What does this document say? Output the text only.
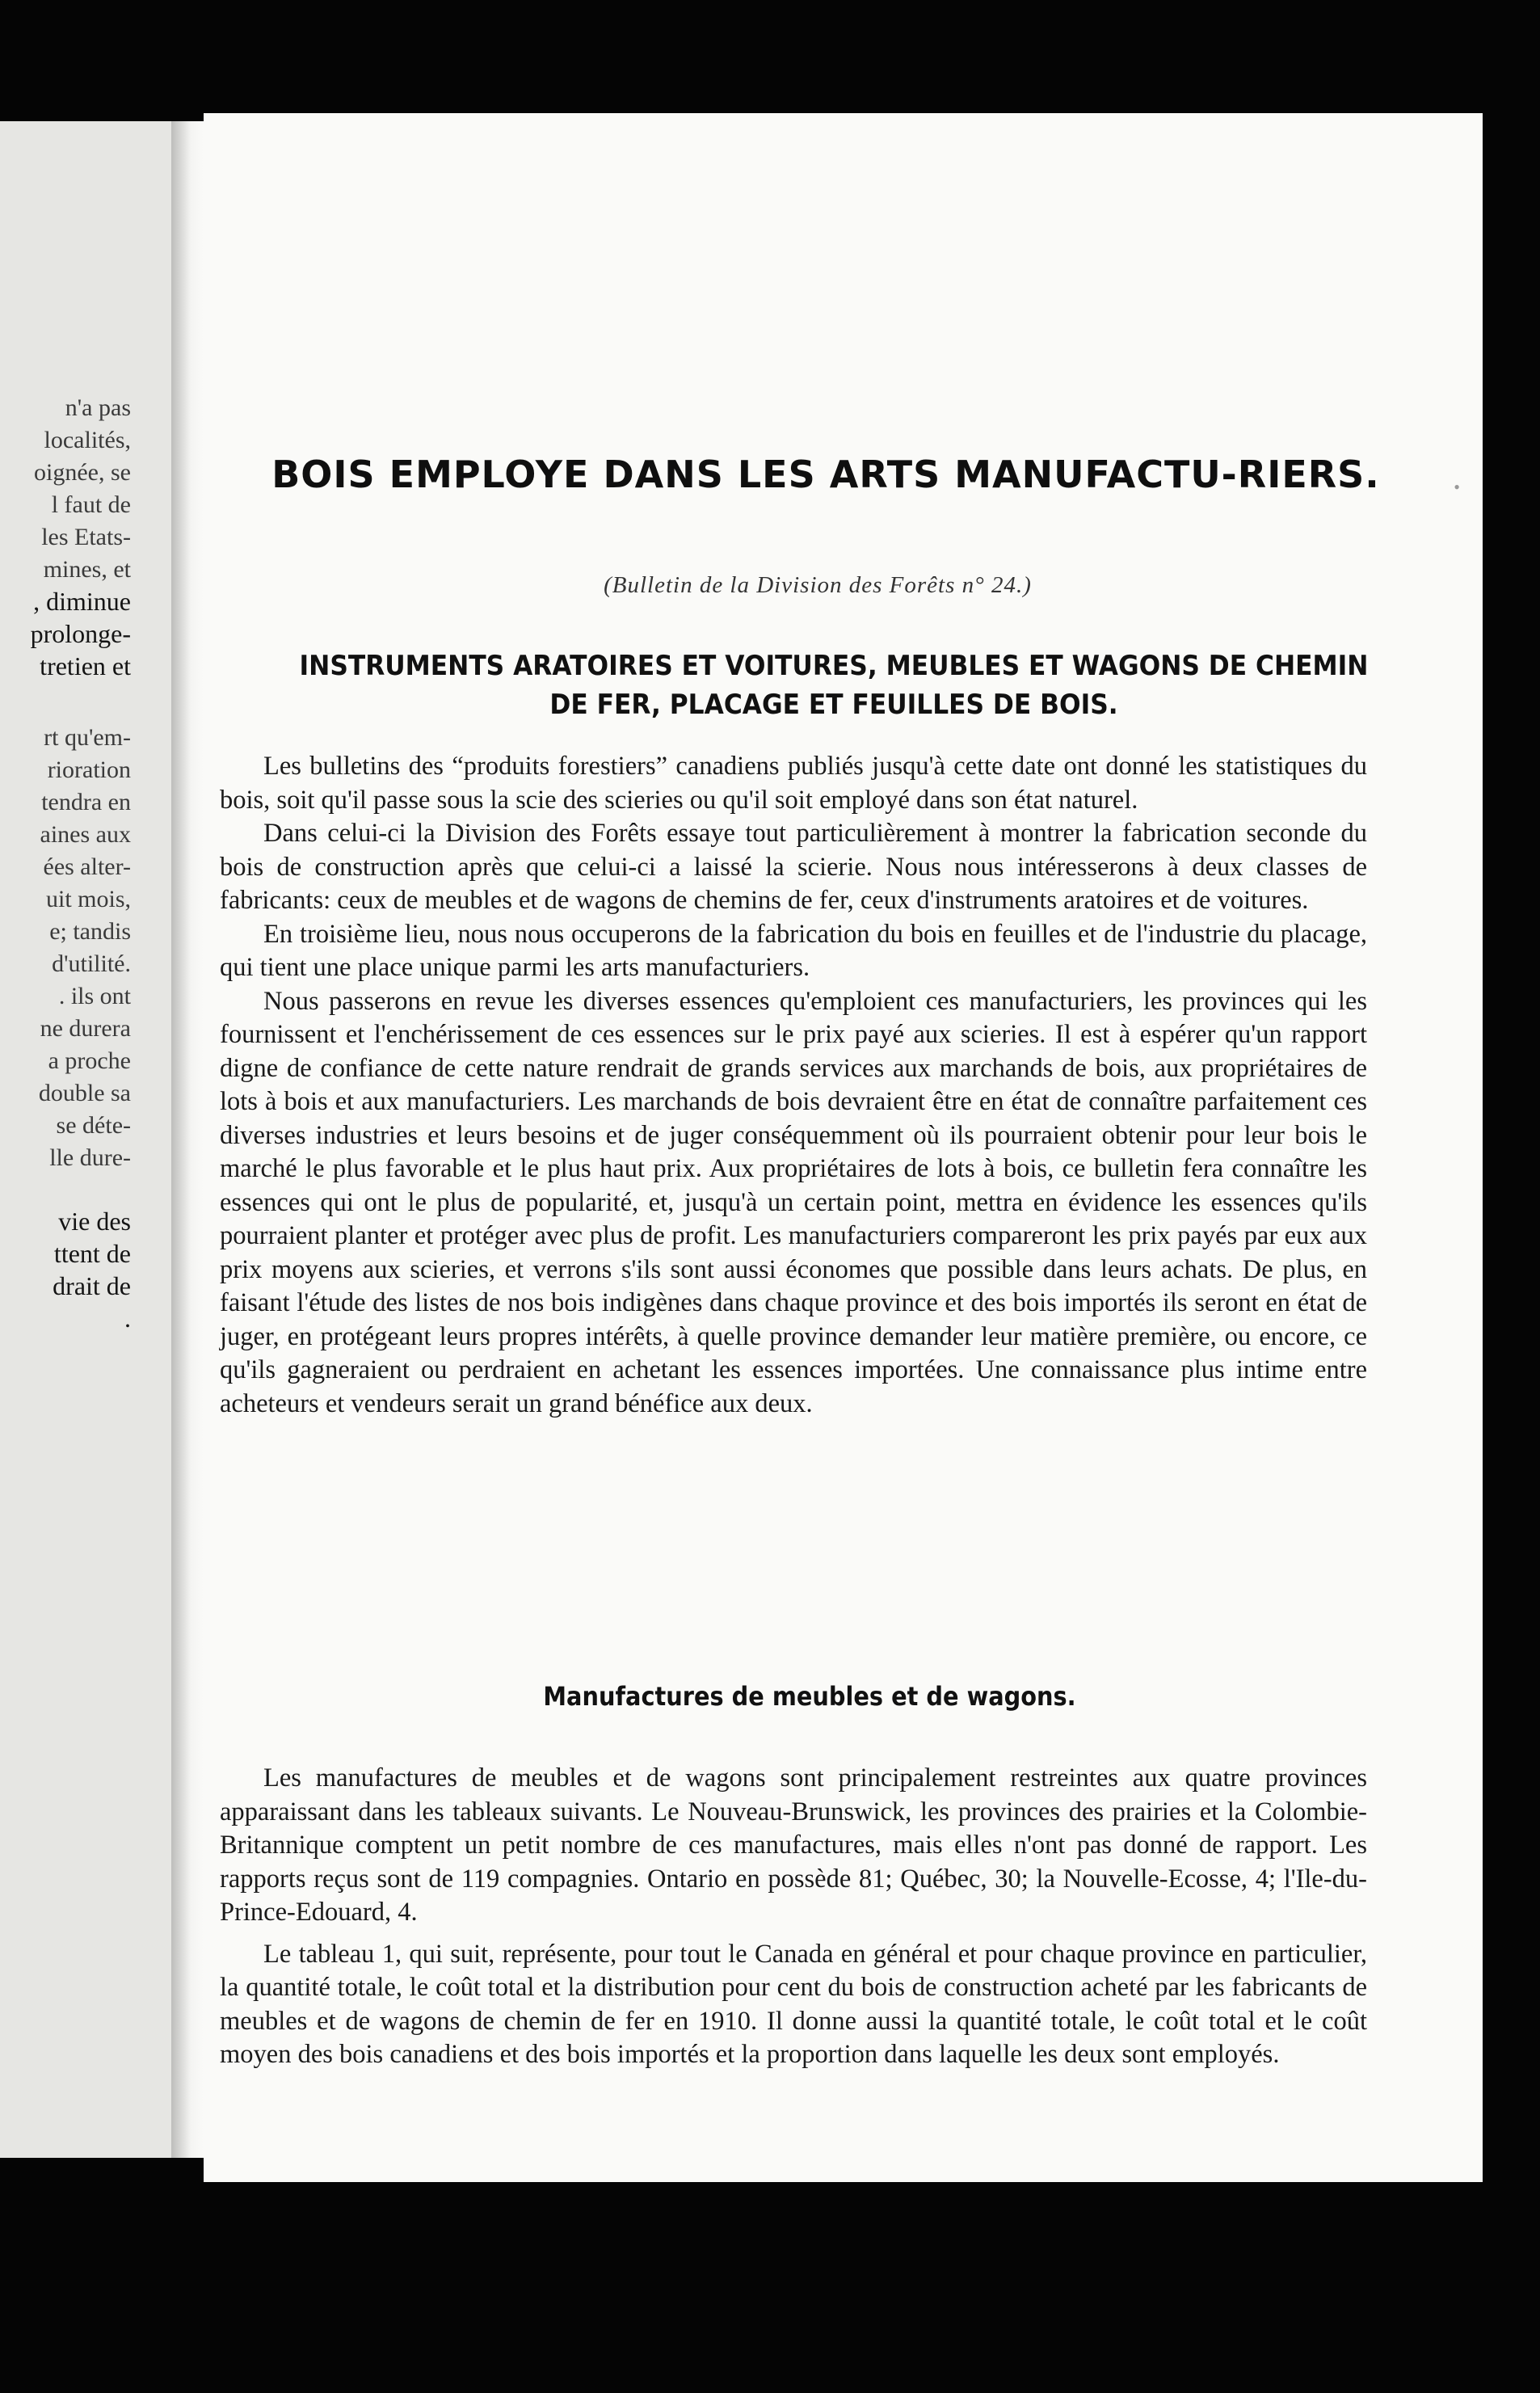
n'a pas
localités,
oignée, se
l faut de
les Etats-
mines, et
, diminue
prolonge-
tretien et
rt qu'em-
rioration
tendra en
aines aux
ées alter-
uit mois,
e; tandis
d'utilité.
. ils ont
ne durera
a proche
double sa
se déte-
lle dure-
vie des
ttent de
drait de
.
•
BOIS EMPLOYE DANS LES ARTS MANUFACTU-RIERS.
(Bulletin de la Division des Forêts n° 24.)
INSTRUMENTS ARATOIRES ET VOITURES, MEUBLES ET WAGONS DE CHEMIN DE FER, PLACAGE ET FEUILLES DE BOIS.

Les bulletins des “produits forestiers” canadiens publiés jusqu'à cette date ont donné les statistiques du bois, soit qu'il passe sous la scie des scieries ou qu'il soit employé dans son état naturel.

Dans celui-ci la Division des Forêts essaye tout particulièrement à montrer la fabrication seconde du bois de construction après que celui-ci a laissé la scierie. Nous nous intéresserons à deux classes de fabricants: ceux de meubles et de wagons de chemins de fer, ceux d'instruments aratoires et de voitures.

En troisième lieu, nous nous occuperons de la fabrication du bois en feuilles et de l'industrie du placage, qui tient une place unique parmi les arts manufacturiers.

Nous passerons en revue les diverses essences qu'emploient ces manufacturiers, les provinces qui les fournissent et l'enchérissement de ces essences sur le prix payé aux scieries. Il est à espérer qu'un rapport digne de confiance de cette nature rendrait de grands services aux marchands de bois, aux propriétaires de lots à bois et aux manufacturiers. Les marchands de bois devraient être en état de connaître parfaitement ces diverses industries et leurs besoins et de juger conséquemment où ils pourraient obtenir pour leur bois le marché le plus favorable et le plus haut prix. Aux propriétaires de lots à bois, ce bulletin fera connaître les essences qui ont le plus de popularité, et, jusqu'à un certain point, mettra en évidence les essences qu'ils pourraient planter et protéger avec plus de profit. Les manufacturiers compareront les prix payés par eux aux prix moyens aux scieries, et verrons s'ils sont aussi économes que possible dans leurs achats. De plus, en faisant l'étude des listes de nos bois indigènes dans chaque province et des bois importés ils seront en état de juger, en protégeant leurs propres intérêts, à quelle province demander leur matière première, ou encore, ce qu'ils gagneraient ou perdraient en achetant les essences importées. Une connaissance plus intime entre acheteurs et vendeurs serait un grand bénéfice aux deux.

Manufactures de meubles et de wagons.

Les manufactures de meubles et de wagons sont principalement restreintes aux quatre provinces apparaissant dans les tableaux suivants. Le Nouveau-Brunswick, les provinces des prairies et la Colombie-Britannique comptent un petit nombre de ces manufactures, mais elles n'ont pas donné de rapport. Les rapports reçus sont de 119 compagnies. Ontario en possède 81; Québec, 30; la Nouvelle-Ecosse, 4; l'Ile-du-Prince-Edouard, 4.

Le tableau 1, qui suit, représente, pour tout le Canada en général et pour chaque province en particulier, la quantité totale, le coût total et la distribution pour cent du bois de construction acheté par les fabricants de meubles et de wagons de chemin de fer en 1910. Il donne aussi la quantité totale, le coût total et le coût moyen des bois canadiens et des bois importés et la proportion dans laquelle les deux sont employés.
